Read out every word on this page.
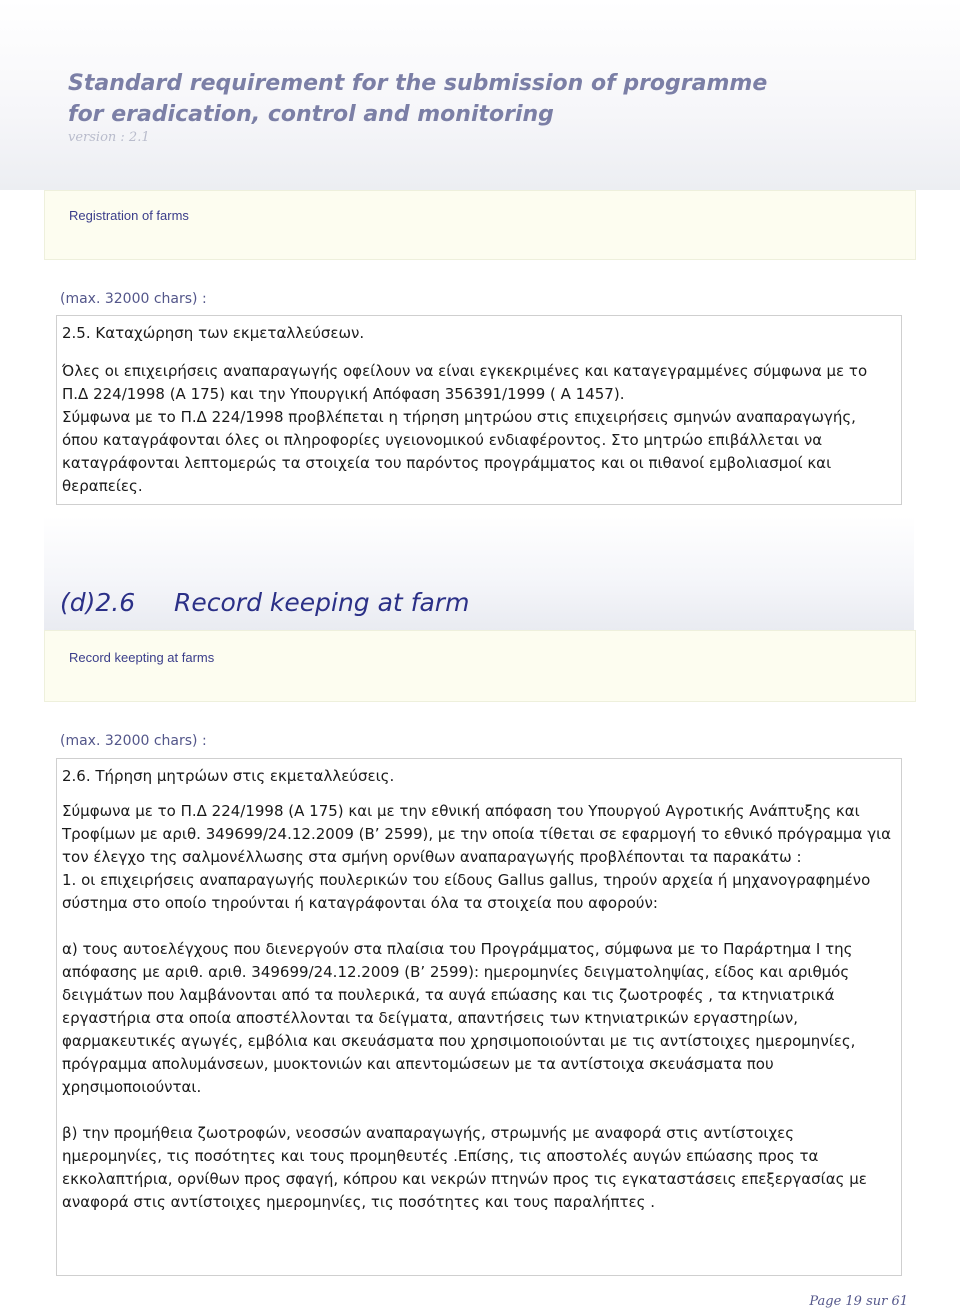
Standard requirement for the submission of programme
for eradication, control and monitoring
version : 2.1
Registration of farms
(max. 32000 chars) :

2.5. Καταχώρηση των εκμεταλλεύσεων.

Όλες οι επιχειρήσεις αναπαραγωγής οφείλουν να είναι εγκεκριμένες και καταγεγραμμένες σύμφωνα με το Π.Δ 224/1998 (Α 175) και την Υπουργική Απόφαση 356391/1999 ( Α 1457).

Σύμφωνα με το Π.Δ 224/1998 προβλέπεται η τήρηση μητρώου στις επιχειρήσεις σμηνών αναπαραγωγής, όπου καταγράφονται όλες οι πληροφορίες υγειονομικού ενδιαφέροντος. Στο μητρώο επιβάλλεται να καταγράφονται λεπτομερώς τα στοιχεία του παρόντος προγράμματος και οι πιθανοί εμβολιασμοί και θεραπείες.

(d)2.6 Record keeping at farm
Record keepting at farms
(max. 32000 chars) :

2.6. Τήρηση μητρώων στις εκμεταλλεύσεις.

Σύμφωνα με το Π.Δ 224/1998 (Α 175) και με την εθνική απόφαση του Υπουργού Αγροτικής Ανάπτυξης και Τροφίμων με αριθ. 349699/24.12.2009 (Β’ 2599), με την οποία τίθεται σε εφαρμογή το εθνικό πρόγραμμα για τον έλεγχο της σαλμονέλλωσης στα σμήνη ορνίθων αναπαραγωγής προβλέπονται τα παρακάτω :

1. οι επιχειρήσεις αναπαραγωγής πουλερικών του είδους Gallus gallus, τηρούν αρχεία ή μηχανογραφημένο σύστημα στο οποίο τηρούνται ή καταγράφονται όλα τα στοιχεία που αφορούν:

α) τους αυτοελέγχους που διενεργούν στα πλαίσια του Προγράμματος, σύμφωνα με το Παράρτημα Ι της απόφασης με αριθ. αριθ. 349699/24.12.2009 (Β’ 2599): ημερομηνίες δειγματοληψίας, είδος και αριθμός δειγμάτων που λαμβάνονται από τα πουλερικά, τα αυγά επώασης και τις ζωοτροφές , τα κτηνιατρικά εργαστήρια στα οποία αποστέλλονται τα δείγματα, απαντήσεις των κτηνιατρικών εργαστηρίων, φαρμακευτικές αγωγές, εμβόλια και σκευάσματα που χρησιμοποιούνται με τις αντίστοιχες ημερομηνίες, πρόγραμμα απολυμάνσεων, μυοκτονιών και απεντομώσεων με τα αντίστοιχα σκευάσματα που χρησιμοποιούνται.

β) την προμήθεια ζωοτροφών, νεοσσών αναπαραγωγής, στρωμνής με αναφορά στις αντίστοιχες ημερομηνίες, τις ποσότητες και τους προμηθευτές .Επίσης, τις αποστολές αυγών επώασης προς τα εκκολαπτήρια, ορνίθων προς σφαγή, κόπρου και νεκρών πτηνών προς τις εγκαταστάσεις επεξεργασίας με αναφορά στις αντίστοιχες ημερομηνίες, τις ποσότητες και τους παραλήπτες .

Page 19 sur 61
